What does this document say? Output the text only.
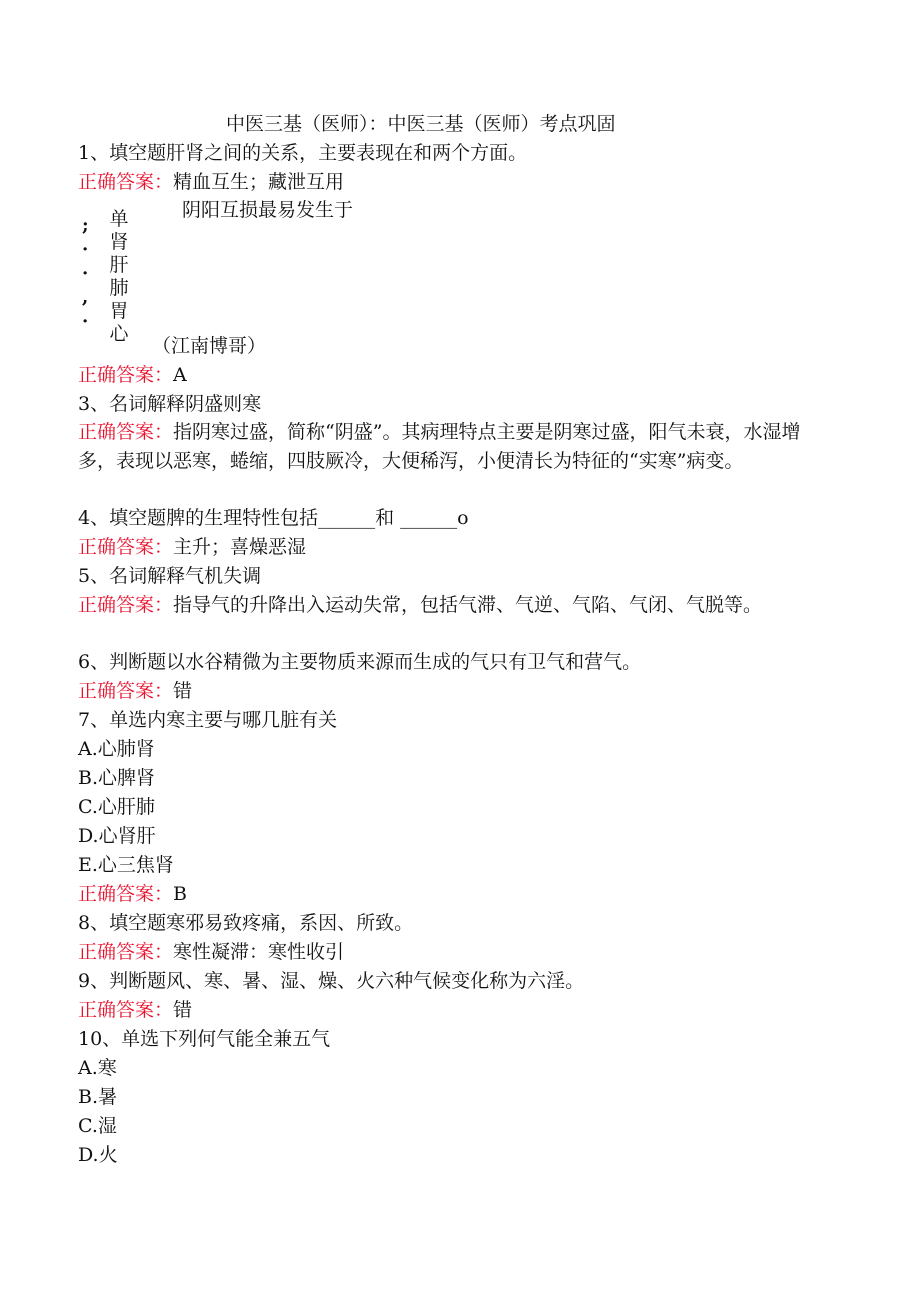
中医三基（医师）：中医三基（医师）考点巩固
1、填空题肝肾之间的关系，主要表现在和两个方面。
正确答案：精血互生；藏泄互用
阴阳互损最易发生于
;
·
·
,
·
单
肾
肝
肺
胃
心
（江南博哥）
正确答案：A
3、名词解释阴盛则寒
正确答案：指阴寒过盛，简称“阴盛”。其病理特点主要是阴寒过盛，阳气未衰，水湿增多，表现以恶寒，蜷缩，四肢厥冷，大便稀泻，小便清长为特征的“实寒”病变。
4、填空题脾的生理特性包括______和 ______o
正确答案：主升；喜燥恶湿
5、名词解释气机失调
正确答案：指导气的升降出入运动失常，包括气滞、气逆、气陷、气闭、气脱等。
6、判断题以水谷精微为主要物质来源而生成的气只有卫气和营气。
正确答案：错
7、单选内寒主要与哪几脏有关
A.心肺肾
B.心脾肾
C.心肝肺
D.心肾肝
E.心三焦肾
正确答案：B
8、填空题寒邪易致疼痛，系因、所致。
正确答案：寒性凝滞：寒性收引
9、判断题风、寒、暑、湿、燥、火六种气候变化称为六淫。
正确答案：错
10、单选下列何气能全兼五气
A.寒
B.暑
C.湿
D.火
